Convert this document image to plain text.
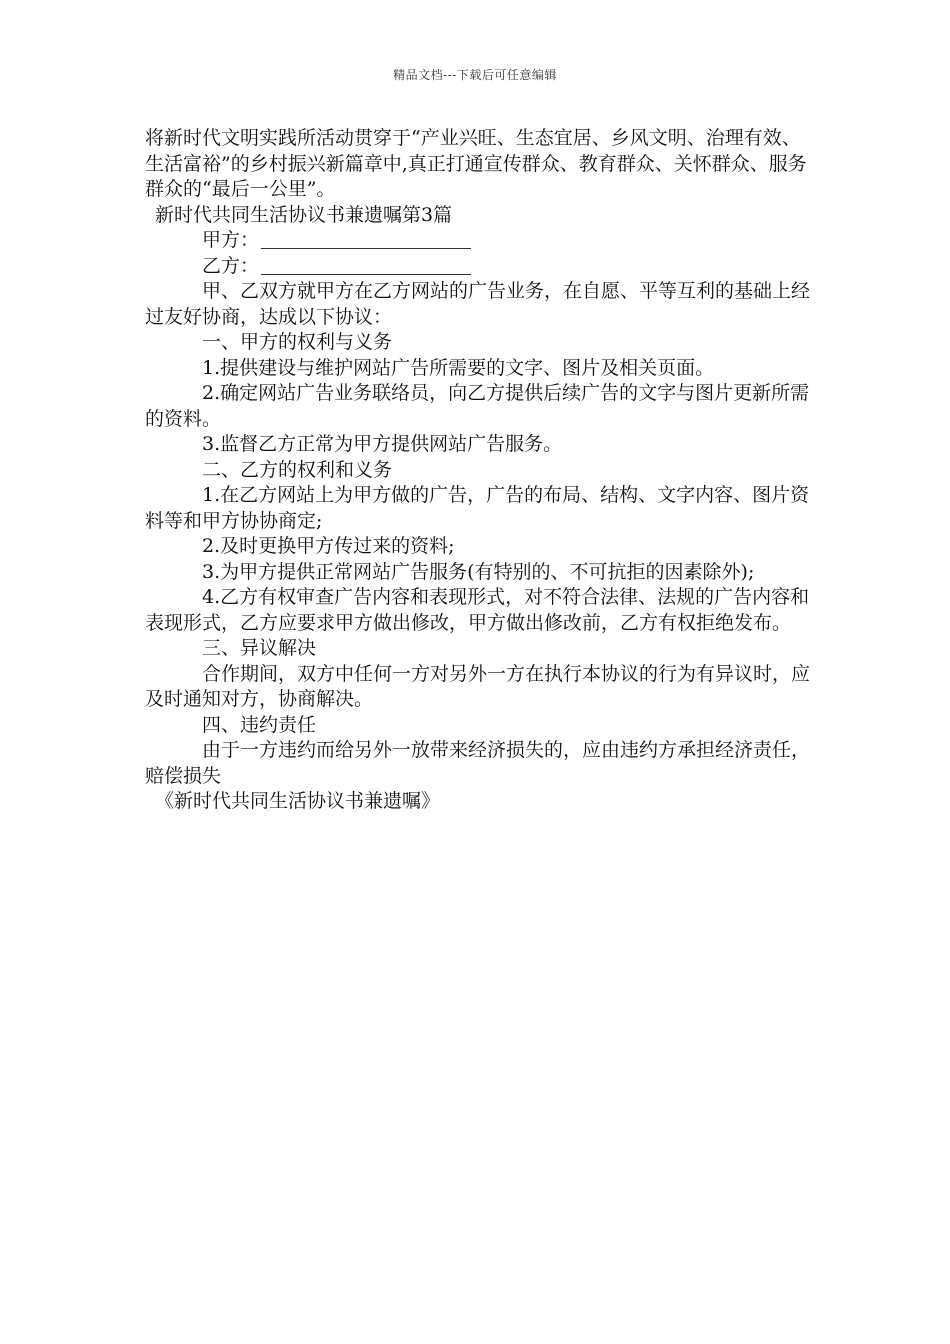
精品文档---下载后可任意编辑

将新时代文明实践所活动贯穿于“产业兴旺、生态宜居、乡风文明、治理有效、生活富裕”的乡村振兴新篇章中,真正打通宣传群众、教育群众、关怀群众、服务群众的“最后一公里”。

新时代共同生活协议书兼遗嘱第3篇

甲方：

乙方：

甲、乙双方就甲方在乙方网站的广告业务，在自愿、平等互利的基础上经过友好协商，达成以下协议：

一、甲方的权利与义务

1.提供建设与维护网站广告所需要的文字、图片及相关页面。

2.确定网站广告业务联络员，向乙方提供后续广告的文字与图片更新所需的资料。

3.监督乙方正常为甲方提供网站广告服务。

二、乙方的权利和义务

1.在乙方网站上为甲方做的广告，广告的布局、结构、文字内容、图片资料等和甲方协协商定;

2.及时更换甲方传过来的资料;

3.为甲方提供正常网站广告服务(有特别的、不可抗拒的因素除外);

4.乙方有权审查广告内容和表现形式，对不符合法律、法规的广告内容和表现形式，乙方应要求甲方做出修改，甲方做出修改前，乙方有权拒绝发布。

三、异议解决

合作期间，双方中任何一方对另外一方在执行本协议的行为有异议时，应及时通知对方，协商解决。

四、违约责任

由于一方违约而给另外一放带来经济损失的，应由违约方承担经济责任，赔偿损失

《新时代共同生活协议书兼遗嘱》
